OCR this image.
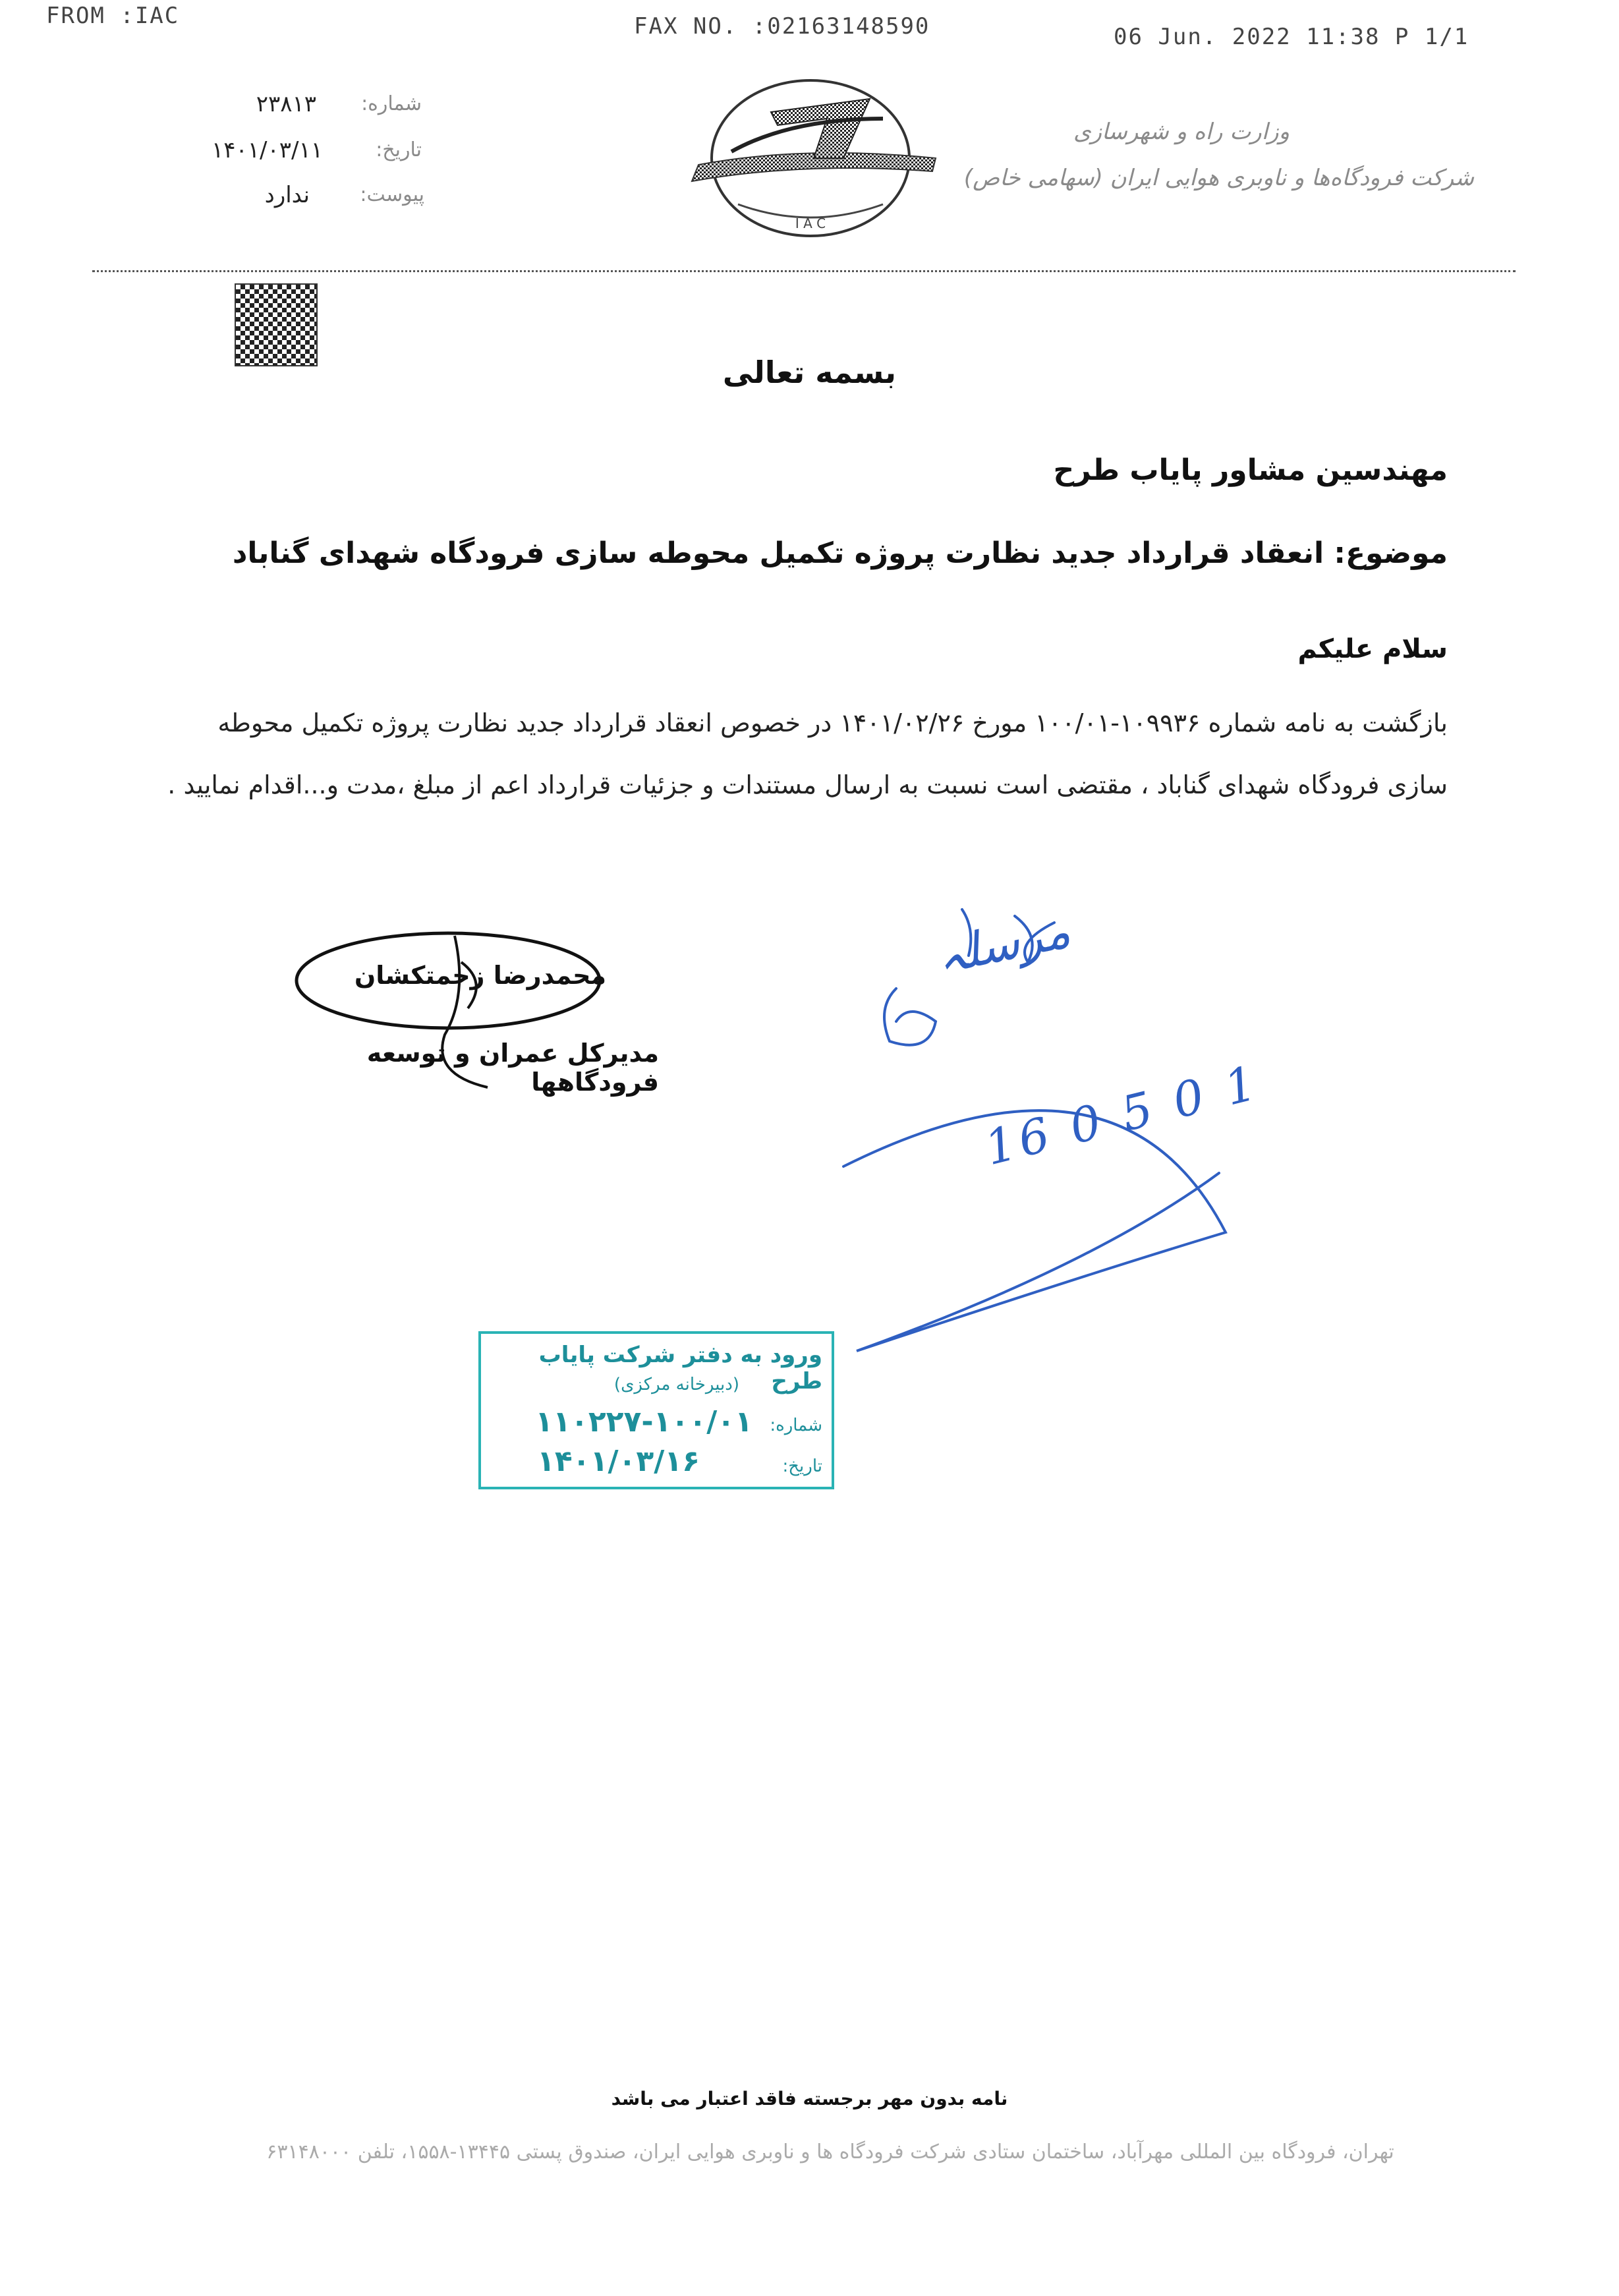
FROM :IAC	FAX NO. :02163148590	06 Jun. 2022 11:38 P 1/1
۲۳۸۱۳ شماره:
۱۴۰۱/۰۳/۱۱	تاریخ:
ندارد	پیوست:
I A C
وزارت راه و شهرسازی
شرکت فرودگاه‌ها و ناوبری هوایی ایران (سهامی خاص)
بسمه تعالی
مهندسین مشاور پایاب طرح
موضوع: انعقاد قرارداد جدید نظارت پروژه تکمیل محوطه سازی فرودگاه شهدای گناباد
سلام علیکم
بازگشت به نامه شماره ۱۰۹۹۳۶-۱۰۰/۰۱ مورخ ۱۴۰۱/۰۲/۲۶ در خصوص انعقاد قرارداد جدید نظارت پروژه تکمیل محوطه
سازی فرودگاه شهدای گناباد ، مقتضی است نسبت به ارسال مستندات و جزئیات قرارداد اعم از مبلغ ،مدت و...اقدام نمایید .
محمدرضا زحمتکشان
مدیرکل عمران و توسعه فرودگاهها
مرسلہ
16 0 5 0 1
ورود به دفتر شرکت پایاب طرح
(دبیرخانه مرکزی)
شماره:
۱۱۰۲۲۷-۱۰۰/۰۱
تاریخ:
۱۴۰۱/۰۳/۱۶
نامه بدون مهر برجسته فاقد اعتبار می باشد
تهران، فرودگاه بین المللی مهرآباد، ساختمان ستادی شرکت فرودگاه ها و ناوبری هوایی ایران، صندوق پستی ۱۳۴۴۵-۱۵۵۸، تلفن ۶۳۱۴۸۰۰۰
